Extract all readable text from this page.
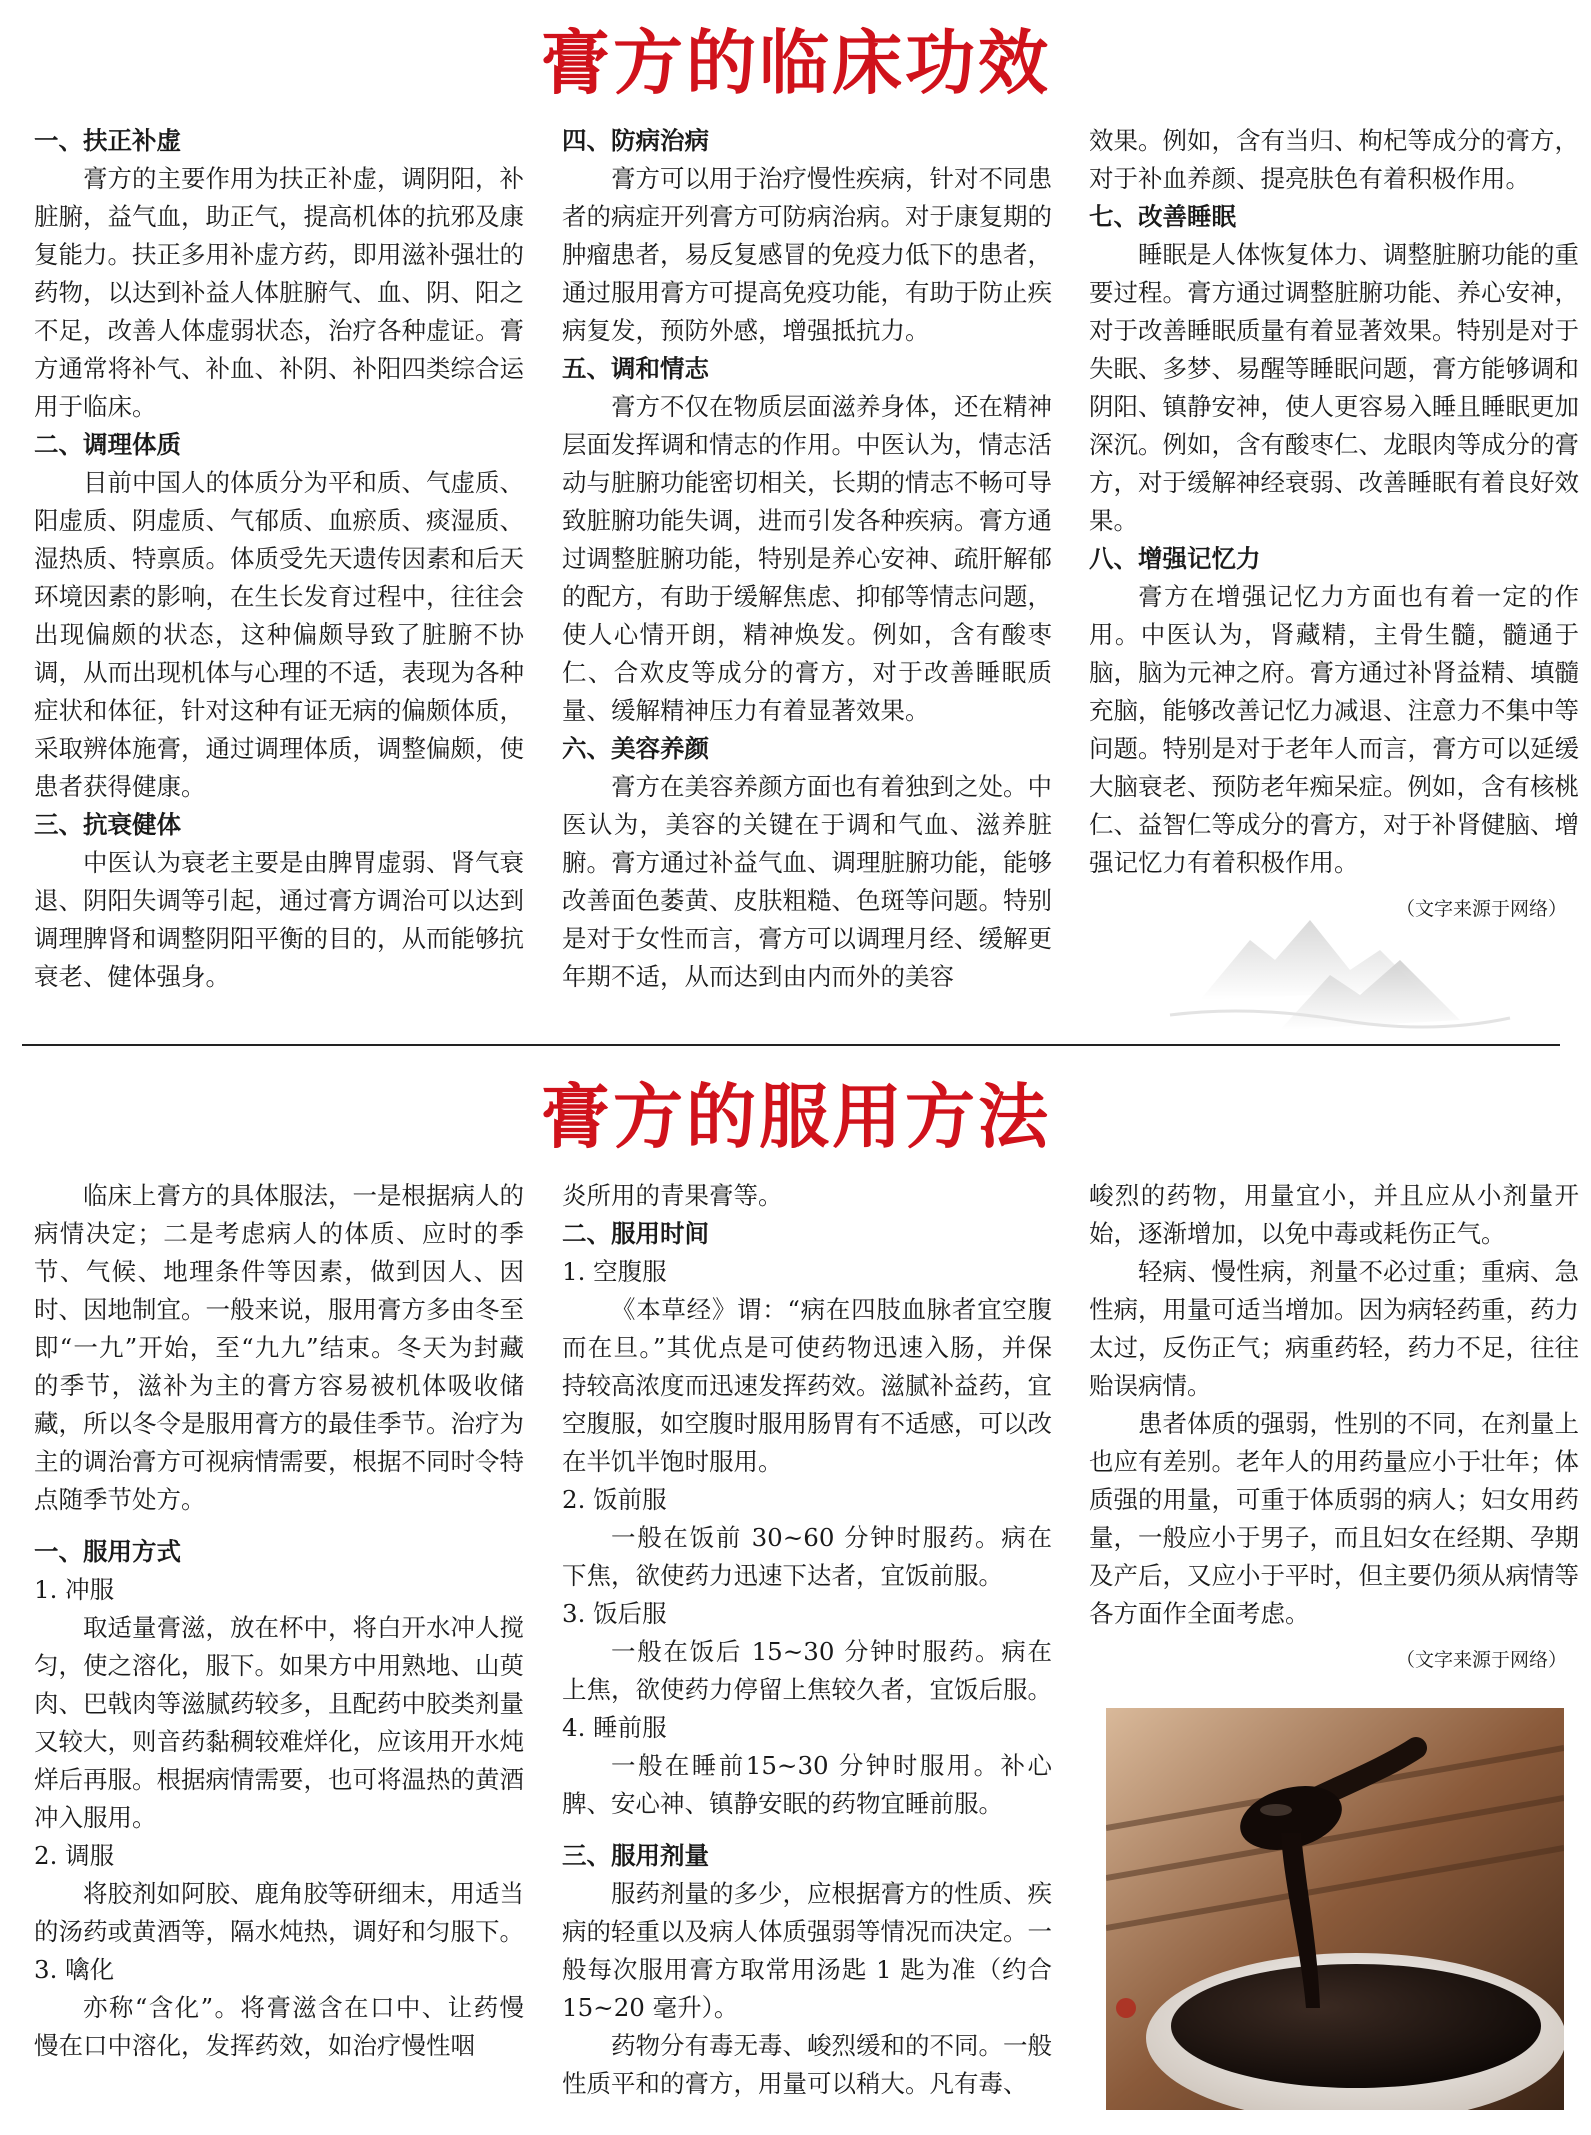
膏方的临床功效
一、扶正补虚

膏方的主要作用为扶正补虚，调阴阳，补脏腑，益气血，助正气，提高机体的抗邪及康复能力。扶正多用补虚方药，即用滋补强壮的药物，以达到补益人体脏腑气、血、阴、阳之不足，改善人体虚弱状态，治疗各种虚证。膏方通常将补气、补血、补阴、补阳四类综合运用于临床。

二、调理体质

目前中国人的体质分为平和质、气虚质、阳虚质、阴虚质、气郁质、血瘀质、痰湿质、湿热质、特禀质。体质受先天遗传因素和后天环境因素的影响，在生长发育过程中，往往会出现偏颇的状态，这种偏颇导致了脏腑不协调，从而出现机体与心理的不适，表现为各种症状和体征，针对这种有证无病的偏颇体质，采取辨体施膏，通过调理体质，调整偏颇，使患者获得健康。

三、抗衰健体

中医认为衰老主要是由脾胃虚弱、肾气衰退、阴阳失调等引起，通过膏方调治可以达到调理脾肾和调整阴阳平衡的目的，从而能够抗衰老、健体强身。

四、防病治病

膏方可以用于治疗慢性疾病，针对不同患者的病症开列膏方可防病治病。对于康复期的肿瘤患者，易反复感冒的免疫力低下的患者，通过服用膏方可提高免疫功能，有助于防止疾病复发，预防外感，增强抵抗力。

五、调和情志

膏方不仅在物质层面滋养身体，还在精神层面发挥调和情志的作用。中医认为，情志活动与脏腑功能密切相关，长期的情志不畅可导致脏腑功能失调，进而引发各种疾病。膏方通过调整脏腑功能，特别是养心安神、疏肝解郁的配方，有助于缓解焦虑、抑郁等情志问题，使人心情开朗，精神焕发。例如，含有酸枣仁、合欢皮等成分的膏方，对于改善睡眠质量、缓解精神压力有着显著效果。

六、美容养颜

膏方在美容养颜方面也有着独到之处。中医认为，美容的关键在于调和气血、滋养脏腑。膏方通过补益气血、调理脏腑功能，能够改善面色萎黄、皮肤粗糙、色斑等问题。特别是对于女性而言，膏方可以调理月经、缓解更年期不适，从而达到由内而外的美容

效果。例如，含有当归、枸杞等成分的膏方，对于补血养颜、提亮肤色有着积极作用。

七、改善睡眠

睡眠是人体恢复体力、调整脏腑功能的重要过程。膏方通过调整脏腑功能、养心安神，对于改善睡眠质量有着显著效果。特别是对于失眠、多梦、易醒等睡眠问题，膏方能够调和阴阳、镇静安神，使人更容易入睡且睡眠更加深沉。例如，含有酸枣仁、龙眼肉等成分的膏方，对于缓解神经衰弱、改善睡眠有着良好效果。

八、增强记忆力

膏方在增强记忆力方面也有着一定的作用。中医认为，肾藏精，主骨生髓，髓通于脑，脑为元神之府。膏方通过补肾益精、填髓充脑，能够改善记忆力减退、注意力不集中等问题。特别是对于老年人而言，膏方可以延缓大脑衰老、预防老年痴呆症。例如，含有核桃仁、益智仁等成分的膏方，对于补肾健脑、增强记忆力有着积极作用。

（文字来源于网络）
膏方的服用方法

临床上膏方的具体服法，一是根据病人的病情决定；二是考虑病人的体质、应时的季节、气候、地理条件等因素，做到因人、因时、因地制宜。一般来说，服用膏方多由冬至即“一九”开始，至“九九”结束。冬天为封藏的季节，滋补为主的膏方容易被机体吸收储藏，所以冬令是服用膏方的最佳季节。治疗为主的调治膏方可视病情需要，根据不同时令特点随季节处方。

一、服用方式
1. 冲服

取适量膏滋，放在杯中，将白开水冲人搅匀，使之溶化，服下。如果方中用熟地、山萸肉、巴戟肉等滋腻药较多，且配药中胶类剂量又较大，则音药黏稠较难烊化，应该用开水炖烊后再服。根据病情需要，也可将温热的黄酒冲入服用。

2. 调服

将胶剂如阿胶、鹿角胶等研细末，用适当的汤药或黄酒等，隔水炖热，调好和匀服下。

3. 噙化

亦称“含化”。将膏滋含在口中、让药慢慢在口中溶化，发挥药效，如治疗慢性咽

炎所用的青果膏等。

二、服用时间
1. 空腹服

《本草经》谓：“病在四肢血脉者宜空腹而在旦。”其优点是可使药物迅速入肠，并保持较高浓度而迅速发挥药效。滋腻补益药，宜空腹服，如空腹时服用肠胃有不适感，可以改在半饥半饱时服用。

2. 饭前服

一般在饭前 30~60 分钟时服药。病在下焦，欲使药力迅速下达者，宜饭前服。

3. 饭后服

一般在饭后 15~30 分钟时服药。病在上焦，欲使药力停留上焦较久者，宜饭后服。

4. 睡前服

一般在睡前15~30 分钟时服用。补心脾、安心神、镇静安眠的药物宜睡前服。

三、服用剂量

服药剂量的多少，应根据膏方的性质、疾病的轻重以及病人体质强弱等情况而决定。一般每次服用膏方取常用汤匙 1 匙为准（约合 15~20 毫升）。

药物分有毒无毒、峻烈缓和的不同。一般性质平和的膏方，用量可以稍大。凡有毒、

峻烈的药物，用量宜小，并且应从小剂量开始，逐渐增加，以免中毒或耗伤正气。

轻病、慢性病，剂量不必过重；重病、急性病，用量可适当增加。因为病轻药重，药力太过，反伤正气；病重药轻，药力不足，往往贻误病情。

患者体质的强弱，性别的不同，在剂量上也应有差别。老年人的用药量应小于壮年；体质强的用量，可重于体质弱的病人；妇女用药量，一般应小于男子，而且妇女在经期、孕期及产后，又应小于平时，但主要仍须从病情等各方面作全面考虑。

（文字来源于网络）
